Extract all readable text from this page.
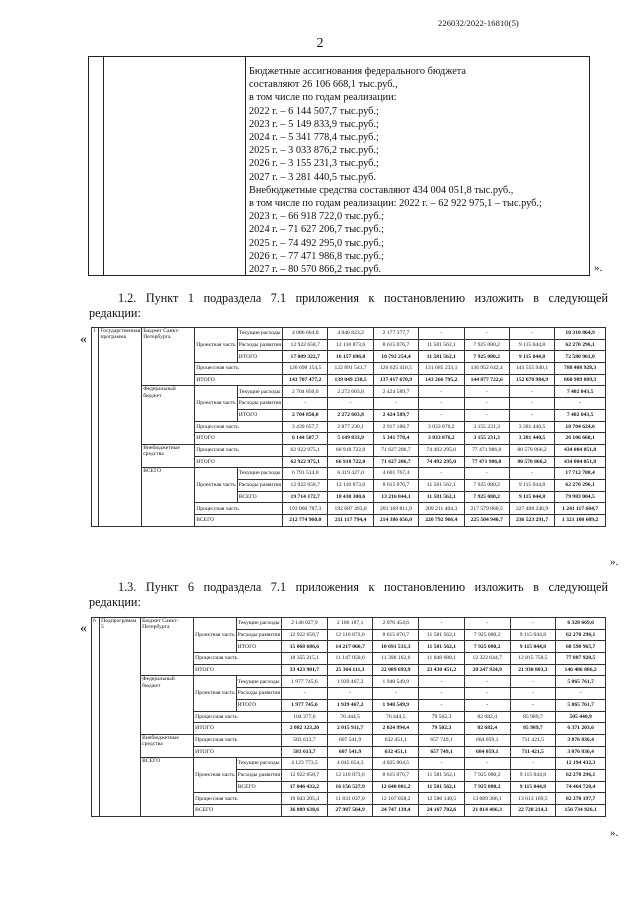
226032/2022-16810(5)
2
Бюджетные ассигнования федерального бюджета
составляют 26 106 668,1 тыс.руб.,
в том числе по годам реализации:
2022 г. – 6 144 507,7 тыс.руб.;
2023 г. – 5 149 833,9 тыс.руб.;
2024 г. – 5 341 778,4 тыс.руб.;
2025 г. – 3 033 876,2 тыс.руб.;
2026 г. – 3 155 231,3 тыс.руб.;
2027 г. – 3 281 440,5 тыс.руб.
Внебюджетные средства составляют 434 004 051,8 тыс.руб.,
в том числе по годам реализации: 2022 г. – 62 922 975,1 – тыс.руб.;
2023 г. – 66 918 722,0 тыс.руб.;
2024 г. – 71 627 206,7 тыс.руб.;
2025 г. – 74 492 295,0 тыс.руб.;
2026 г. – 77 471 986,8 тыс.руб.;
2027 г. – 80 570 866,2 тыс.руб.	».
1.2. Пункт 1 подраздела 7.1 приложения к постановлению изложить в следующей
редакции:
«
1	Государственная программа	Бюджет Санкт-Петербурга	Проектная часть	Текущие расходы	4 086 664,0	4 046 823,2	2 177 377,7	-	-	-	10 310 864,9
				Расходы развития	12 922 658,7	12 110 873,6	8 615 076,7	11 581 562,1	7 925 080,2	9 115 044,8	62 270 296,1
				ИТОГО	17 009 322,7	16 157 696,8	10 792 254,4	11 581 562,1	7 925 080,2	9 115 044,8	72 580 961,0
			Процессная часть		126 698 154,5	122 891 541,7	126 625 416,5	131 685 233,1	136 952 642,4	143 555 940,1	788 408 928,3
			ИТОГО		143 707 477,2	139 049 238,5	137 417 670,9	143 266 795,2	144 877 722,6	152 670 984,9	860 989 889,3
		Федеральный бюджет	Проектная часть	Текущие расходы	2 704 850,0	2 272 603,8	2 424 589,7	-	-	-	7 402 043,5
				Расходы развития	-	-	-	-	-	-	-
				ИТОГО	2 704 850,0	2 272 603,8	2 424 589,7	-	-	-	7 402 043,5
			Процессная часть		3 439 657,7	2 877 230,1	2 917 188,7	3 033 876,2	3 155 231,3	3 281 440,5	18 704 624,6
			ИТОГО		6 144 507,7	5 149 833,9	5 341 778,4	3 033 876,2	3 155 231,3	3 281 440,5	26 106 668,1
		Внебюджетные средства	Процессная часть		62 922 975,1	66 918 722,0	71 627 206,7	74 492 295,0	77 471 986,8	80 570 866,2	434 004 051,8
			ИТОГО		62 922 975,1	66 918 722,0	71 627 206,7	74 492 295,0	77 471 986,8	80 570 866,2	434 004 051,8
		ВСЕГО	Проектная часть	Текущие расходы	6 791 514,0	6 319 427,0	4 601 767,4	-	-	-	17 712 708,4
				Расходы развития	12 922 658,7	12 110 873,6	8 615 076,7	11 581 562,1	7 925 080,2	9 115 044,8	62 270 296,1
				ВСЕГО	19 714 172,7	18 430 300,6	13 216 844,1	11 581 562,1	7 925 080,2	9 115 044,8	79 983 004,5
			Процессная часть		193 060 787,3	192 687 493,8	201 169 811,9	209 211 404,3	217 579 860,5	227 408 246,9	1 241 117 604,7
			ВСЕГО		212 774 960,0	211 117 794,4	214 386 656,0	220 792 966,4	225 504 940,7	236 523 291,7	1 321 100 609,2
».
1.3. Пункт 6 подраздела 7.1 приложения к постановлению изложить в следующей
редакции:
« 6	Подпрограмма 5	Бюджет Санкт-Петербурга	Проектная часть	Текущие расходы	2 146 027,9	2 106 187,1	2 076 454,6	-	-	-	6 328 669,6
				Расходы развития	12 922 658,7	12 110 873,6	8 615 076,7	11 581 562,1	7 925 080,2	9 115 044,8	62 270 296,1
				ИТОГО	15 068 686,6	14 217 060,7	10 691 531,3	11 581 562,1	7 925 080,2	9 115 044,8	68 598 965,7
			Процессная часть		18 355 215,1	11 147 050,6	11 398 162,6	11 848 688,1	12 322 644,7	12 815 758,5	77 887 920,5
			ИТОГО		33 423 901,7	25 364 111,3	22 089 693,9	23 430 451,2	20 247 924,9	21 930 803,3	146 486 886,2
		Федеральный бюджет	Проектная часть	Текущие расходы	1 977 745,6	1 939 467,2	1 948 549,9	-	-	-	5 865 761,7
				Расходы развития	-	-	-	-	-	-	-
				ИТОГО	1 977 745,6	1 939 467,2	1 948 549,9	-	-	-	5 865 761,7
			Процессная часть		104 377,6	76 444,5	76 444,5	79 502,3	82 682,4	85 989,7	505 440,9
			ИТОГО		2 082 123,20	2 015 911,7	2 024 994,4	79 502,3	82 682,4	85 989,7	6 371 203,6
		Внебюджетные средства	Процессная часть		583 613,7	607 541,9	632 451,1	657 749,1	684 059,1	711 421,5	3 876 836,4
			ИТОГО		583 613,7	607 541,9	632 451,1	657 749,1	684 059,1	711 421,5	3 876 836,4
		ВСЕГО	Проектная часть	Текущие расходы	4 123 773,5	4 045 654,3	4 025 004,5	-	-	-	12 194 432,3
				Расходы развития	12 922 658,7	12 110 873,6	8 615 076,7	11 581 562,1	7 925 080,2	9 115 044,8	62 270 296,1
				ВСЕГО	17 046 432,2	16 156 527,9	12 640 081,2	11 581 562,1	7 925 080,2	9 115 044,8	74 464 728,4
			Процессная часть		19 043 205,4	11 831 037,0	12 107 058,2	12 586 140,5	13 089 386,1	13 613 169,5	82 270 197,7
			ВСЕГО		36 089 638,6	27 987 564,9	24 747 139,4	24 167 702,6	21 014 466,3	22 728 214,3	156 734 926,1
».
